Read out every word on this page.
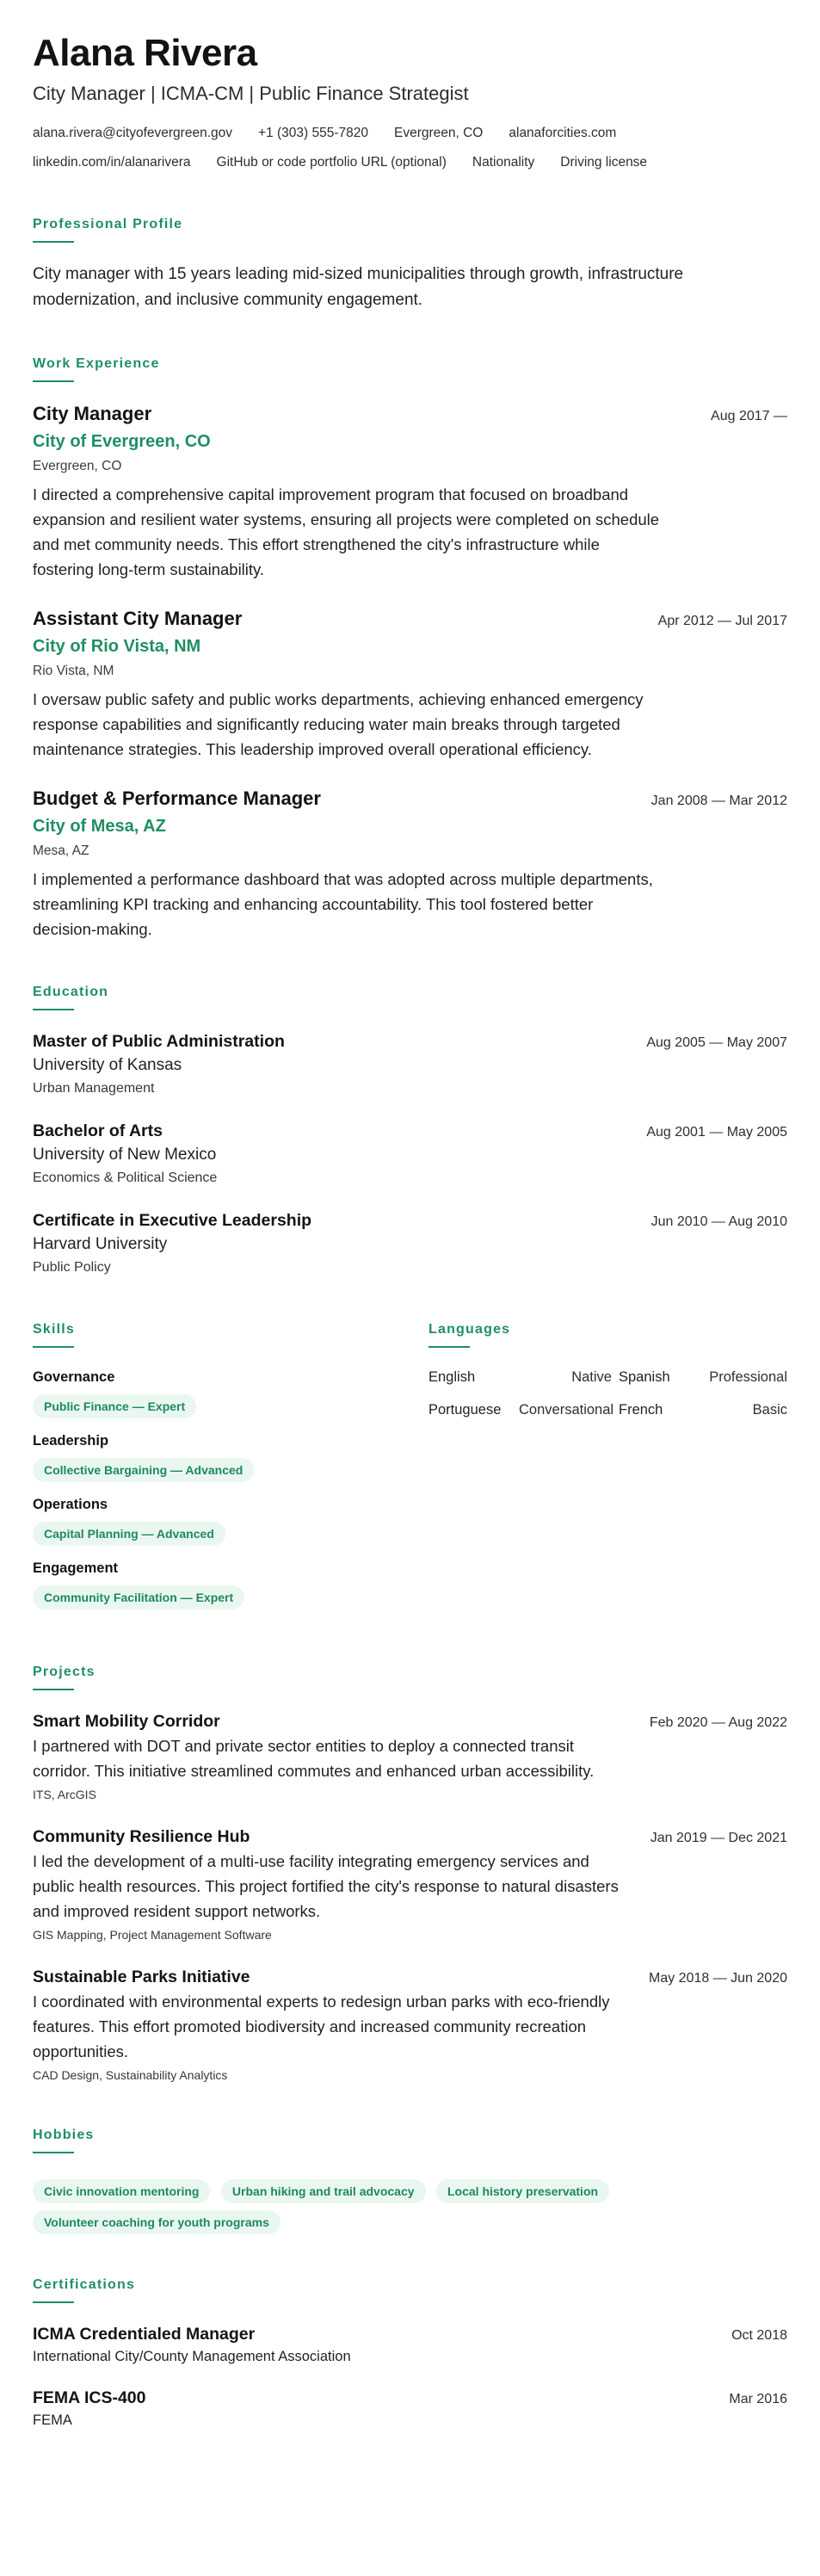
Alana Rivera
City Manager | ICMA-CM | Public Finance Strategist
alana.rivera@cityofevergreen.gov +1 (303) 555-7820 Evergreen, CO alanaforcities.com
linkedin.com/in/alanarivera GitHub or code portfolio URL (optional) Nationality Driving license
Professional Profile
City manager with 15 years leading mid-sized municipalities through growth, infrastructure modernization, and inclusive community engagement.
Work Experience
City Manager	Aug 2017 —
City of Evergreen, CO
Evergreen, CO
I directed a comprehensive capital improvement program that focused on broadband expansion and resilient water systems, ensuring all projects were completed on schedule and met community needs. This effort strengthened the city's infrastructure while fostering long-term sustainability.
Assistant City Manager	Apr 2012 — Jul 2017
City of Rio Vista, NM
Rio Vista, NM
I oversaw public safety and public works departments, achieving enhanced emergency response capabilities and significantly reducing water main breaks through targeted maintenance strategies. This leadership improved overall operational efficiency.
Budget & Performance Manager	Jan 2008 — Mar 2012
City of Mesa, AZ
Mesa, AZ
I implemented a performance dashboard that was adopted across multiple departments, streamlining KPI tracking and enhancing accountability. This tool fostered better decision-making.
Education
Master of Public Administration	Aug 2005 — May 2007
University of Kansas
Urban Management
Bachelor of Arts	Aug 2001 — May 2005
University of New Mexico
Economics & Political Science
Certificate in Executive Leadership	Jun 2010 — Aug 2010
Harvard University
Public Policy
Skills
Governance
Public Finance — Expert
Leadership
Collective Bargaining — Advanced
Operations
Capital Planning — Advanced
Engagement
Community Facilitation — Expert
Languages
English	Native Spanish	Professional
Portuguese	Conversational French	Basic
Projects
Smart Mobility Corridor	Feb 2020 — Aug 2022
I partnered with DOT and private sector entities to deploy a connected transit corridor. This initiative streamlined commutes and enhanced urban accessibility.
ITS, ArcGIS
Community Resilience Hub	Jan 2019 — Dec 2021
I led the development of a multi-use facility integrating emergency services and public health resources. This project fortified the city's response to natural disasters and improved resident support networks.
GIS Mapping, Project Management Software
Sustainable Parks Initiative	May 2018 — Jun 2020
I coordinated with environmental experts to redesign urban parks with eco-friendly features. This effort promoted biodiversity and increased community recreation opportunities.
CAD Design, Sustainability Analytics
Hobbies
Civic innovation mentoring	Urban hiking and trail advocacy	Local history preservation Volunteer coaching for youth programs
Certifications
ICMA Credentialed Manager	Oct 2018
International City/County Management Association
FEMA ICS-400	Mar 2016
FEMA
